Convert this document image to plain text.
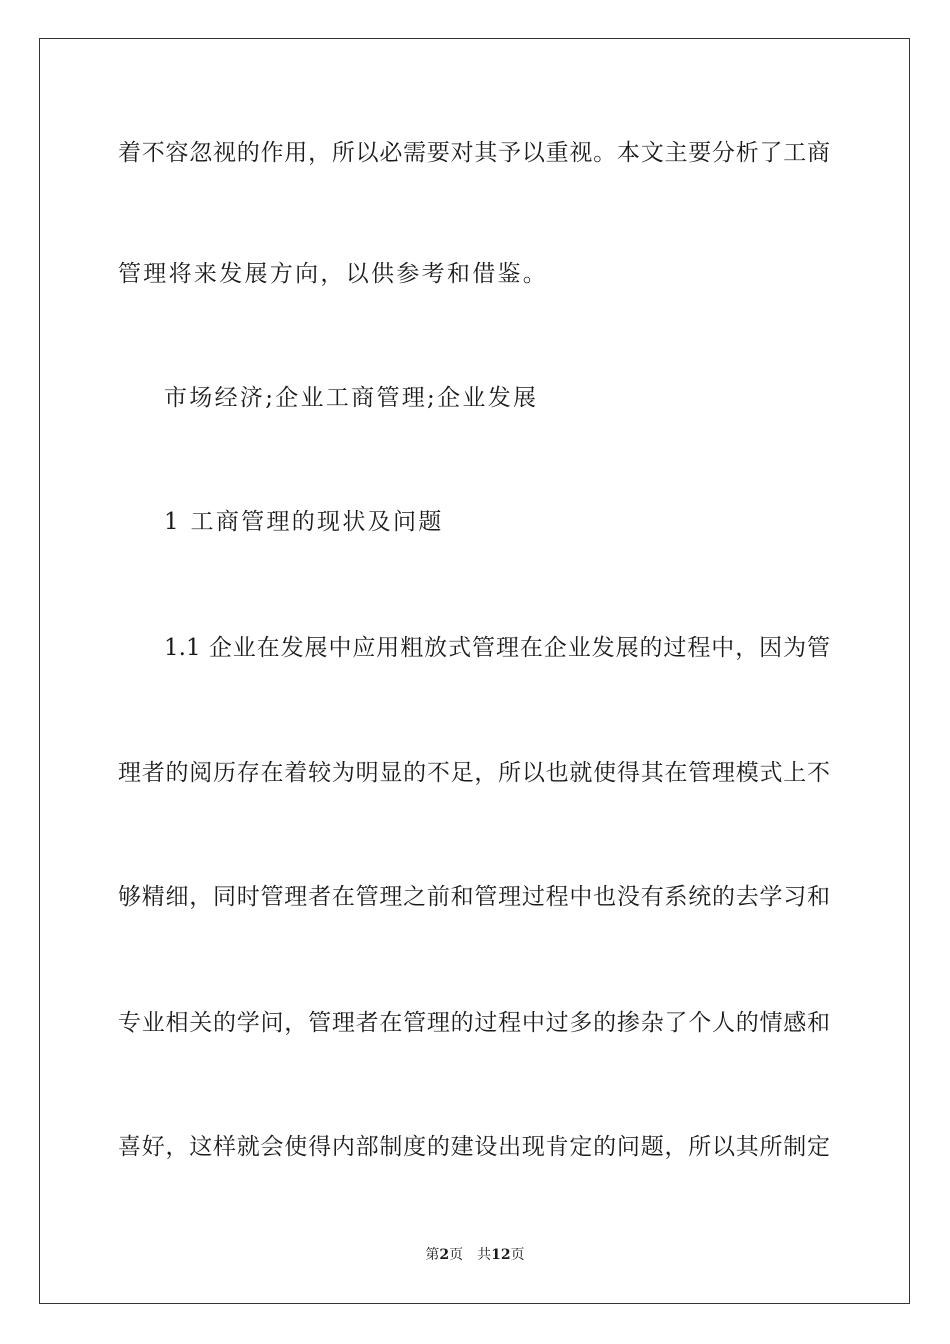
着不容忽视的作用，所以必需要对其予以重视。本文主要分析了工商
管理将来发展方向，以供参考和借鉴。
市场经济;企业工商管理;企业发展
1 工商管理的现状及问题
1.1 企业在发展中应用粗放式管理在企业发展的过程中，因为管
理者的阅历存在着较为明显的不足，所以也就使得其在管理模式上不
够精细，同时管理者在管理之前和管理过程中也没有系统的去学习和
专业相关的学问，管理者在管理的过程中过多的掺杂了个人的情感和
喜好，这样就会使得内部制度的建设出现肯定的问题，所以其所制定
第2页 共12页
